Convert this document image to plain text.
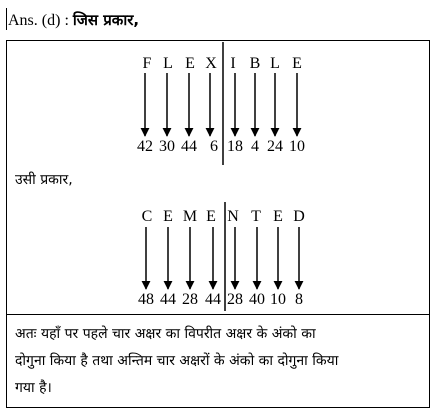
Ans. (d) : जिस प्रकार,
F L E X I B L E
42 30 44 6 18 4 24 10
उसी प्रकार,
C E M E N T E D
48 44 28 44 28 40 10 8
अतः यहाँ पर पहले चार अक्षर का विपरीत अक्षर के अंको का
दोगुना किया है तथा अन्तिम चार अक्षरों के अंको का दोगुना किया
गया है।
